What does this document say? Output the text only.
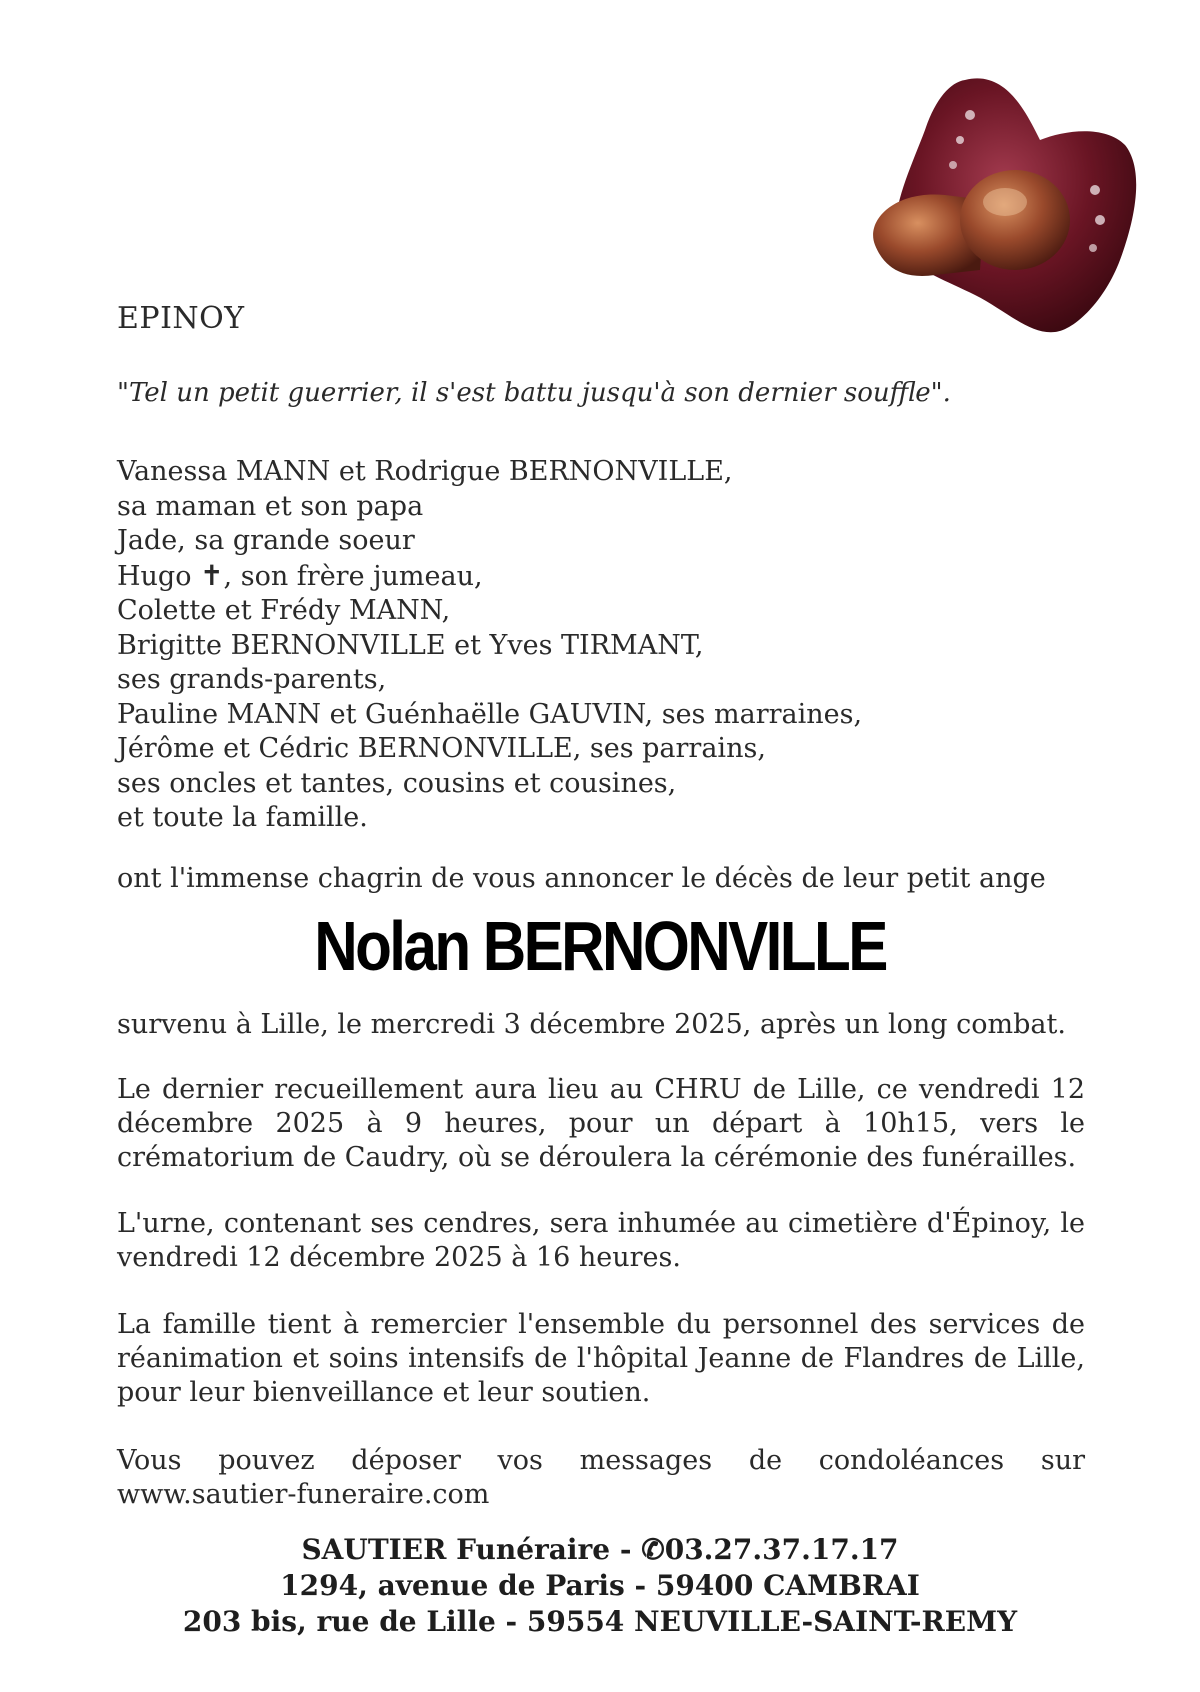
EPINOY
"Tel un petit guerrier, il s'est battu jusqu'à son dernier souffle".
Vanessa MANN et Rodrigue BERNONVILLE,
sa maman et son papa
Jade, sa grande soeur
Hugo ✝, son frère jumeau,
Colette et Frédy MANN,
Brigitte BERNONVILLE et Yves TIRMANT,
ses grands-parents,
Pauline MANN et Guénhaëlle GAUVIN, ses marraines,
Jérôme et Cédric BERNONVILLE, ses parrains,
ses oncles et tantes, cousins et cousines,
et toute la famille.
ont l'immense chagrin de vous annoncer le décès de leur petit ange
Nolan BERNONVILLE
survenu à Lille, le mercredi 3 décembre 2025, après un long combat.
Le dernier recueillement aura lieu au CHRU de Lille, ce vendredi 12 décembre 2025 à 9 heures, pour un départ à 10h15, vers le crématorium de Caudry, où se déroulera la cérémonie des funérailles.
L'urne, contenant ses cendres, sera inhumée au cimetière d'Épinoy, le vendredi 12 décembre 2025 à 16 heures.
La famille tient à remercier l'ensemble du personnel des services de réanimation et soins intensifs de l'hôpital Jeanne de Flandres de Lille, pour leur bienveillance et leur soutien.
Vous pouvez déposer vos messages de condoléances sur
www.sautier-funeraire.com
SAUTIER Funéraire - ✆03.27.37.17.17
1294, avenue de Paris - 59400 CAMBRAI
203 bis, rue de Lille - 59554 NEUVILLE-SAINT-REMY
